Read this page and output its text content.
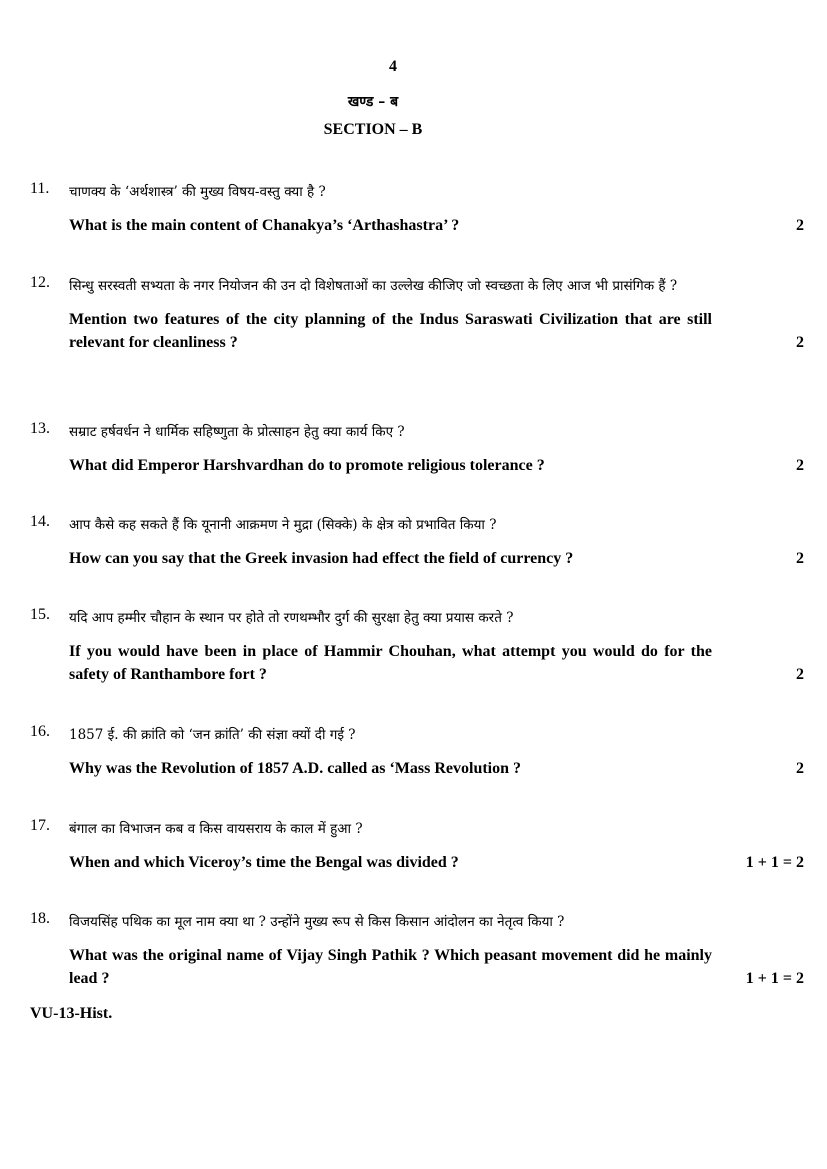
4
खण्ड – ब
SECTION – B
11. चाणक्य के ‘अर्थशास्त्र’ की मुख्य विषय-वस्तु क्या है ?
What is the main content of Chanakya’s ‘Arthashastra’ ?	2
12. सिन्धु सरस्वती सभ्यता के नगर नियोजन की उन दो विशेषताओं का उल्लेख कीजिए जो स्वच्छता के लिए आज भी प्रासंगिक हैं ?
Mention two features of the city planning of the Indus Saraswati Civilization that are still relevant for cleanliness ?	2
13. सम्राट हर्षवर्धन ने धार्मिक सहिष्णुता के प्रोत्साहन हेतु क्या कार्य किए ?
What did Emperor Harshvardhan do to promote religious tolerance ?	2
14. आप कैसे कह सकते हैं कि यूनानी आक्रमण ने मुद्रा (सिक्के) के क्षेत्र को प्रभावित किया ?
How can you say that the Greek invasion had effect the field of currency ?	2
15. यदि आप हम्मीर चौहान के स्थान पर होते तो रणथम्भौर दुर्ग की सुरक्षा हेतु क्या प्रयास करते ?
If you would have been in place of Hammir Chouhan, what attempt you would do for the safety of Ranthambore fort ?	2
16. 1857 ई. की क्रांति को ‘जन क्रांति’ की संज्ञा क्यों दी गई ?
Why was the Revolution of 1857 A.D. called as ‘Mass Revolution ?	2
17. बंगाल का विभाजन कब व किस वायसराय के काल में हुआ ?
When and which Viceroy’s time the Bengal was divided ?	1 + 1 = 2
18. विजयसिंह पथिक का मूल नाम क्या था ? उन्होंने मुख्य रूप से किस किसान आंदोलन का नेतृत्व किया ?
What was the original name of Vijay Singh Pathik ? Which peasant movement did he mainly lead ?	1 + 1 = 2
VU-13-Hist.
